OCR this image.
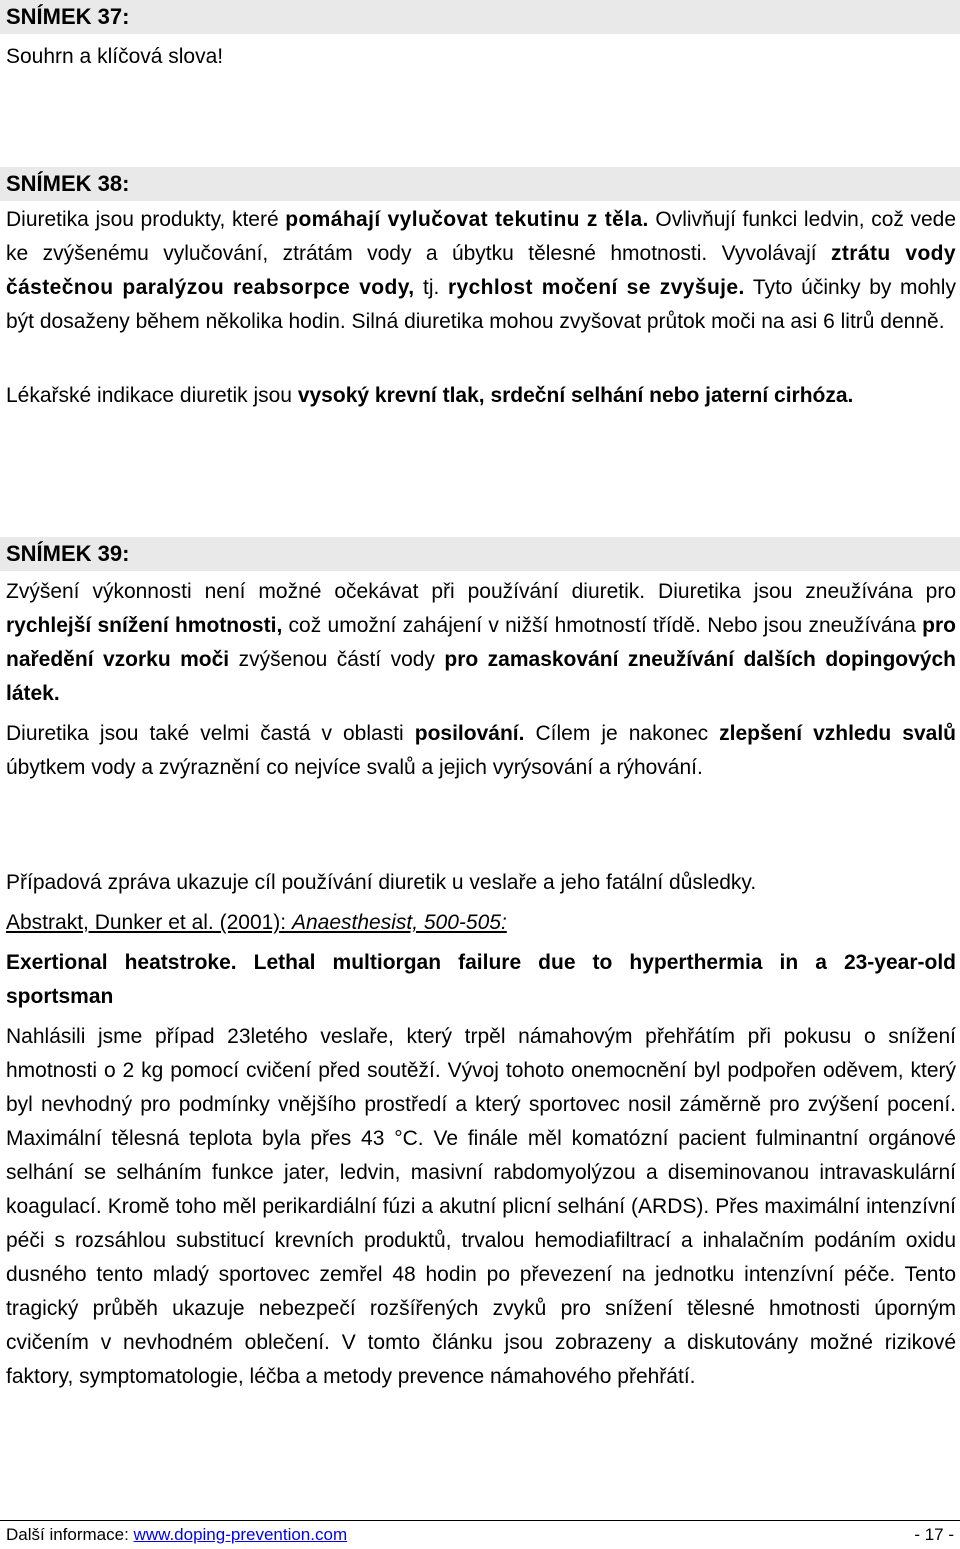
SNÍMEK 37:
Souhrn a klíčová slova!
SNÍMEK 38:
Diuretika jsou produkty, které pomáhají vylučovat tekutinu z těla. Ovlivňují funkci ledvin, což vede ke zvýšenému vylučování, ztrátám vody a úbytku tělesné hmotnosti. Vyvolávají ztrátu vody částečnou paralýzou reabsorpce vody, tj. rychlost močení se zvyšuje. Tyto účinky by mohly být dosaženy během několika hodin. Silná diuretika mohou zvyšovat průtok moči na asi 6 litrů denně.
Lékařské indikace diuretik jsou vysoký krevní tlak, srdeční selhání nebo jaterní cirhóza.
SNÍMEK 39:
Zvýšení výkonnosti není možné očekávat při používání diuretik. Diuretika jsou zneužívána pro rychlejší snížení hmotnosti, což umožní zahájení v nižší hmotností třídě. Nebo jsou zneužívána pro naředění vzorku moči zvýšenou částí vody pro zamaskování zneužívání dalších dopingových látek.
Diuretika jsou také velmi častá v oblasti posilování. Cílem je nakonec zlepšení vzhledu svalů úbytkem vody a zvýraznění co nejvíce svalů a jejich vyrýsování a rýhování.
Případová zpráva ukazuje cíl používání diuretik u veslaře a jeho fatální důsledky.
Abstrakt, Dunker et al. (2001): Anaesthesist, 500-505:
Exertional heatstroke. Lethal multiorgan failure due to hyperthermia in a 23-year-old sportsman
Nahlásili jsme případ 23letého veslaře, který trpěl námahovým přehřátím při pokusu o snížení hmotnosti o 2 kg pomocí cvičení před soutěží. Vývoj tohoto onemocnění byl podpořen oděvem, který byl nevhodný pro podmínky vnějšího prostředí a který sportovec nosil záměrně pro zvýšení pocení. Maximální tělesná teplota byla přes 43 °C. Ve finále měl komatózní pacient fulminantní orgánové selhání se selháním funkce jater, ledvin, masivní rabdomyolýzou a diseminovanou intravaskulární koagulací. Kromě toho měl perikardiální fúzi a akutní plicní selhání (ARDS). Přes maximální intenzívní péči s rozsáhlou substitucí krevních produktů, trvalou hemodiafiltrací a inhalačním podáním oxidu dusného tento mladý sportovec zemřel 48 hodin po převezení na jednotku intenzívní péče. Tento tragický průběh ukazuje nebezpečí rozšířených zvyků pro snížení tělesné hmotnosti úporným cvičením v nevhodném oblečení. V tomto článku jsou zobrazeny a diskutovány možné rizikové faktory, symptomatologie, léčba a metody prevence námahového přehřátí.
Další informace: www.doping-prevention.com	- 17 -
